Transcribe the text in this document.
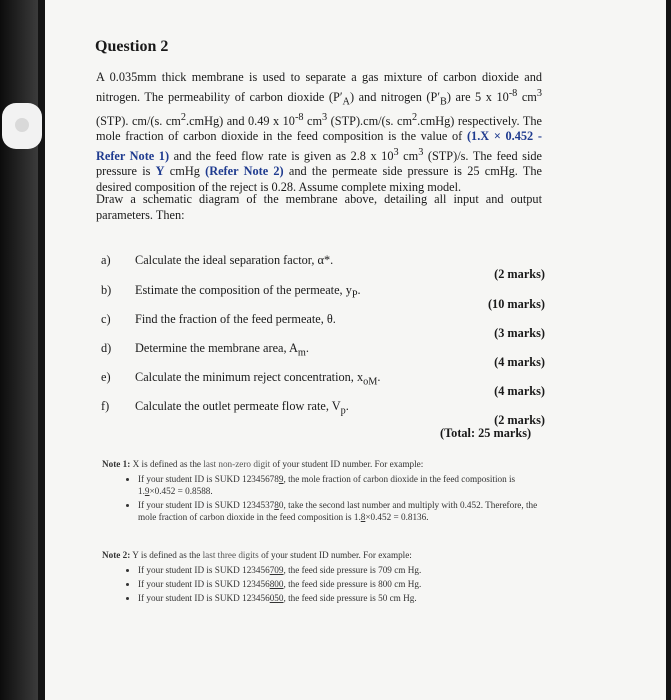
Question 2

A 0.035mm thick membrane is used to separate a gas mixture of carbon dioxide and nitrogen. The permeability of carbon dioxide $(P'_A)$ and nitrogen $(P'_B)$ are 5 x $10^{-8}$ $cm^3$ (STP). cm/(s. $cm^2.cmHg$) and 0.49 x $10^{-8}$ $cm^3$ (STP).cm/(s. $cm^2.cmHg$) respectively. The mole fraction of carbon dioxide in the feed composition is the value of (1.X × 0.452 - Refer Note 1) and the feed flow rate is given as 2.8 x $10^3$ $cm^3$ (STP)/s. The feed side pressure is Y cmHg (Refer Note 2) and the permeate side pressure is 25 cmHg. The desired composition of the reject is 0.28. Assume complete mixing model.

Draw a schematic diagram of the membrane above, detailing all input and output parameters. Then:
a) Calculate the ideal separation factor, α*.
(2 marks)
b) Estimate the composition of the permeate, $y_P$.
(10 marks)
c) Find the fraction of the feed permeate, θ.
(3 marks)
d) Determine the membrane area, $A_m$.
(4 marks)
e) Calculate the minimum reject concentration, $x_{oM}$.
(4 marks)
f) Calculate the outlet permeate flow rate, $V_p$.
(2 marks)
(Total: 25 marks)

Note 1: X is defined as the last non-zero digit of your student ID number. For example:

• If your student ID is SUKD 123456789, the mole fraction of carbon dioxide in the feed composition is 1.9×0.452 = 0.8588.
• If your student ID is SUKD 123453780, take the second last number and multiply with 0.452. Therefore, the mole fraction of carbon dioxide in the feed composition is 1.8×0.452 = 0.8136.

Note 2: Y is defined as the last three digits of your student ID number. For example:

• If your student ID is SUKD 123456709, the feed side pressure is 709 cm Hg.
• If your student ID is SUKD 123456800, the feed side pressure is 800 cm Hg.
• If your student ID is SUKD 123456050, the feed side pressure is 50 cm Hg.
